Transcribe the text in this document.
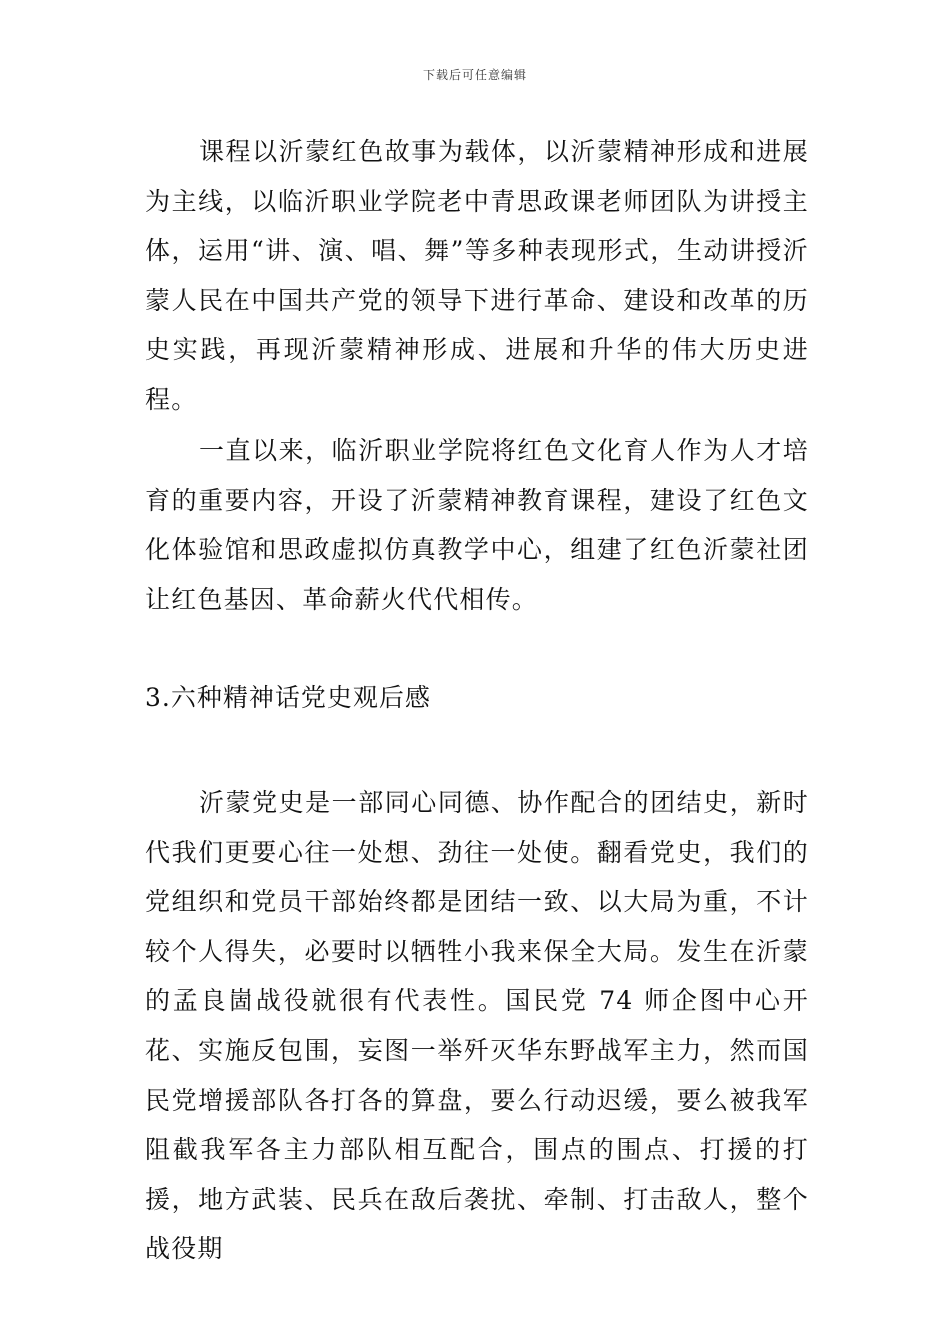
下载后可任意编辑

课程以沂蒙红色故事为载体，以沂蒙精神形成和进展为主线，以临沂职业学院老中青思政课老师团队为讲授主体，运用“讲、演、唱、舞”等多种表现形式，生动讲授沂蒙人民在中国共产党的领导下进行革命、建设和改革的历史实践，再现沂蒙精神形成、进展和升华的伟大历史进程。

一直以来，临沂职业学院将红色文化育人作为人才培育的重要内容，开设了沂蒙精神教育课程，建设了红色文化体验馆和思政虚拟仿真教学中心，组建了红色沂蒙社团让红色基因、革命薪火代代相传。

3.六种精神话党史观后感

沂蒙党史是一部同心同德、协作配合的团结史，新时代我们更要心往一处想、劲往一处使。翻看党史，我们的党组织和党员干部始终都是团结一致、以大局为重，不计较个人得失，必要时以牺牲小我来保全大局。发生在沂蒙的孟良崮战役就很有代表性。国民党 74 师企图中心开花、实施反包围，妄图一举歼灭华东野战军主力，然而国民党增援部队各打各的算盘，要么行动迟缓，要么被我军阻截我军各主力部队相互配合，围点的围点、打援的打援，地方武装、民兵在敌后袭扰、牵制、打击敌人，整个战役期
